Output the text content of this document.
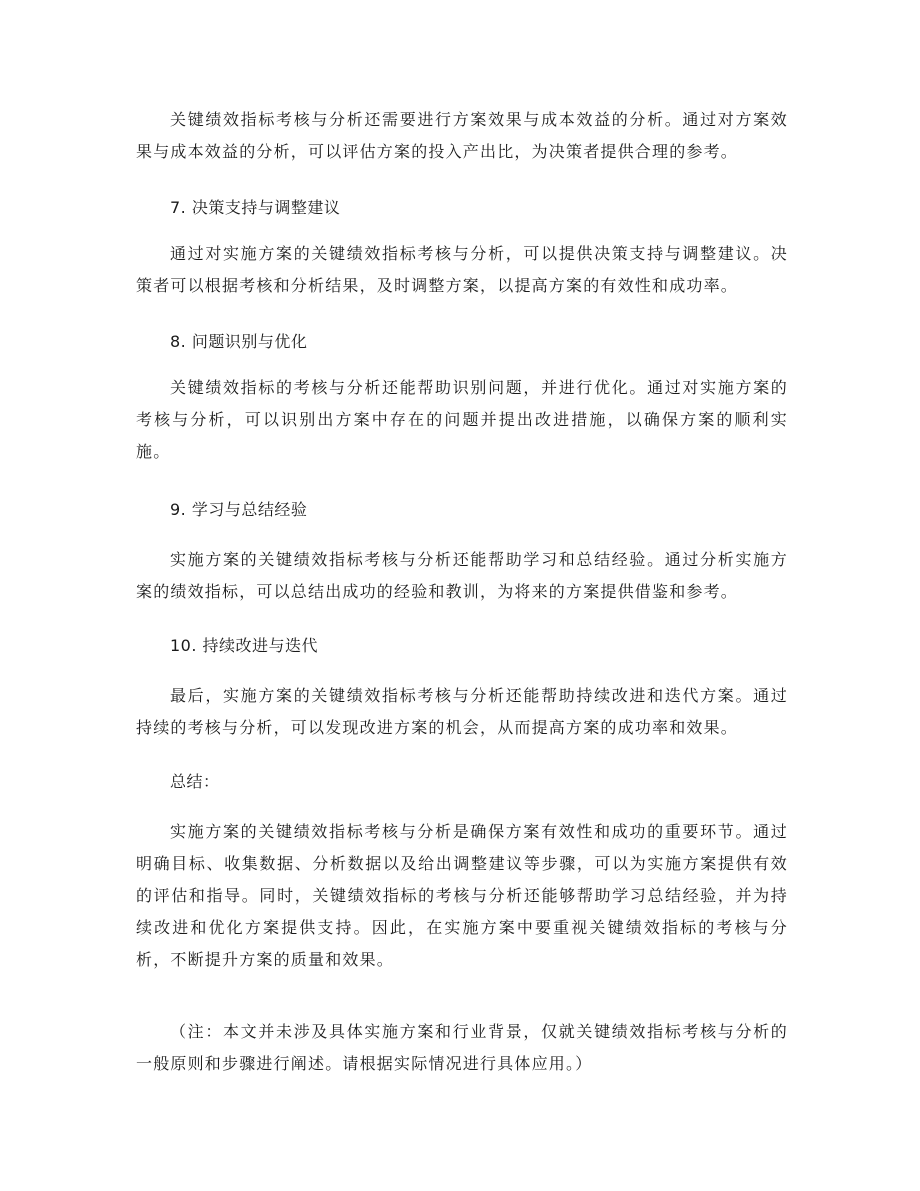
关键绩效指标考核与分析还需要进行方案效果与成本效益的分析。通过对方案效果与成本效益的分析，可以评估方案的投入产出比，为决策者提供合理的参考。

7. 决策支持与调整建议

通过对实施方案的关键绩效指标考核与分析，可以提供决策支持与调整建议。决策者可以根据考核和分析结果，及时调整方案，以提高方案的有效性和成功率。

8. 问题识别与优化

关键绩效指标的考核与分析还能帮助识别问题，并进行优化。通过对实施方案的考核与分析，可以识别出方案中存在的问题并提出改进措施，以确保方案的顺利实施。

9. 学习与总结经验

实施方案的关键绩效指标考核与分析还能帮助学习和总结经验。通过分析实施方案的绩效指标，可以总结出成功的经验和教训，为将来的方案提供借鉴和参考。

10. 持续改进与迭代

最后，实施方案的关键绩效指标考核与分析还能帮助持续改进和迭代方案。通过持续的考核与分析，可以发现改进方案的机会，从而提高方案的成功率和效果。

总结：

实施方案的关键绩效指标考核与分析是确保方案有效性和成功的重要环节。通过明确目标、收集数据、分析数据以及给出调整建议等步骤，可以为实施方案提供有效的评估和指导。同时，关键绩效指标的考核与分析还能够帮助学习总结经验，并为持续改进和优化方案提供支持。因此，在实施方案中要重视关键绩效指标的考核与分析，不断提升方案的质量和效果。

（注：本文并未涉及具体实施方案和行业背景，仅就关键绩效指标考核与分析的一般原则和步骤进行阐述。请根据实际情况进行具体应用。）
